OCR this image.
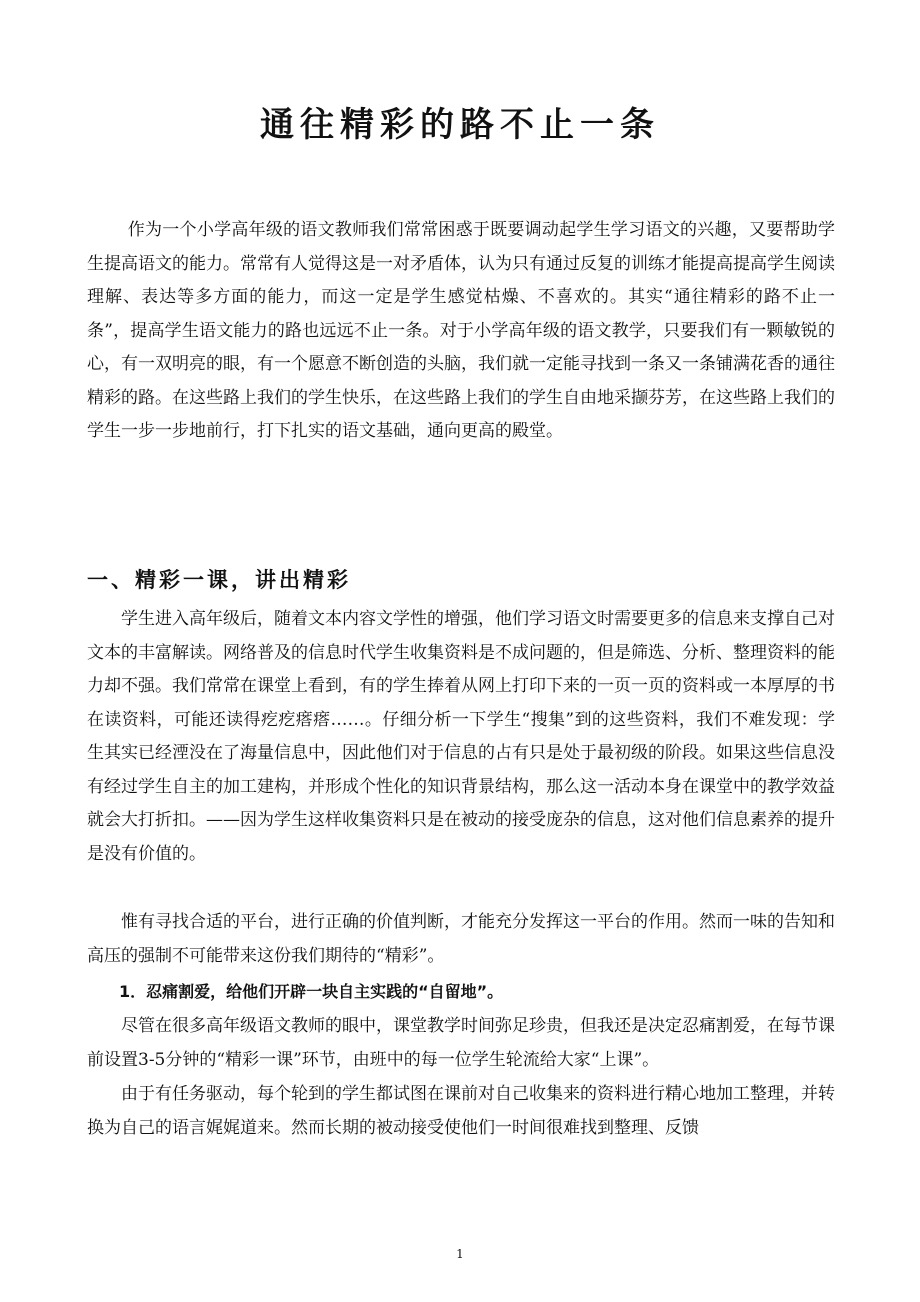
通往精彩的路不止一条

作为一个小学高年级的语文教师我们常常困惑于既要调动起学生学习语文的兴趣，又要帮助学生提高语文的能力。常常有人觉得这是一对矛盾体，认为只有通过反复的训练才能提高提高学生阅读理解、表达等多方面的能力，而这一定是学生感觉枯燥、不喜欢的。其实“通往精彩的路不止一条”，提高学生语文能力的路也远远不止一条。对于小学高年级的语文教学，只要我们有一颗敏锐的心，有一双明亮的眼，有一个愿意不断创造的头脑，我们就一定能寻找到一条又一条铺满花香的通往精彩的路。在这些路上我们的学生快乐，在这些路上我们的学生自由地采撷芬芳，在这些路上我们的学生一步一步地前行，打下扎实的语文基础，通向更高的殿堂。

一、精彩一课，讲出精彩

学生进入高年级后，随着文本内容文学性的增强，他们学习语文时需要更多的信息来支撑自己对文本的丰富解读。网络普及的信息时代学生收集资料是不成问题的，但是筛选、分析、整理资料的能力却不强。我们常常在课堂上看到，有的学生捧着从网上打印下来的一页一页的资料或一本厚厚的书在读资料，可能还读得疙疙瘩瘩……。仔细分析一下学生“搜集”到的这些资料，我们不难发现：学生其实已经湮没在了海量信息中，因此他们对于信息的占有只是处于最初级的阶段。如果这些信息没有经过学生自主的加工建构，并形成个性化的知识背景结构，那么这一活动本身在课堂中的教学效益就会大打折扣。——因为学生这样收集资料只是在被动的接受庞杂的信息，这对他们信息素养的提升是没有价值的。

惟有寻找合适的平台，进行正确的价值判断，才能充分发挥这一平台的作用。然而一味的告知和高压的强制不可能带来这份我们期待的“精彩”。

1．忍痛割爱，给他们开辟一块自主实践的“自留地”。

尽管在很多高年级语文教师的眼中，课堂教学时间弥足珍贵，但我还是决定忍痛割爱，在每节课前设置3-5分钟的“精彩一课”环节，由班中的每一位学生轮流给大家“上课”。

由于有任务驱动，每个轮到的学生都试图在课前对自己收集来的资料进行精心地加工整理，并转换为自己的语言娓娓道来。然而长期的被动接受使他们一时间很难找到整理、反馈

1
